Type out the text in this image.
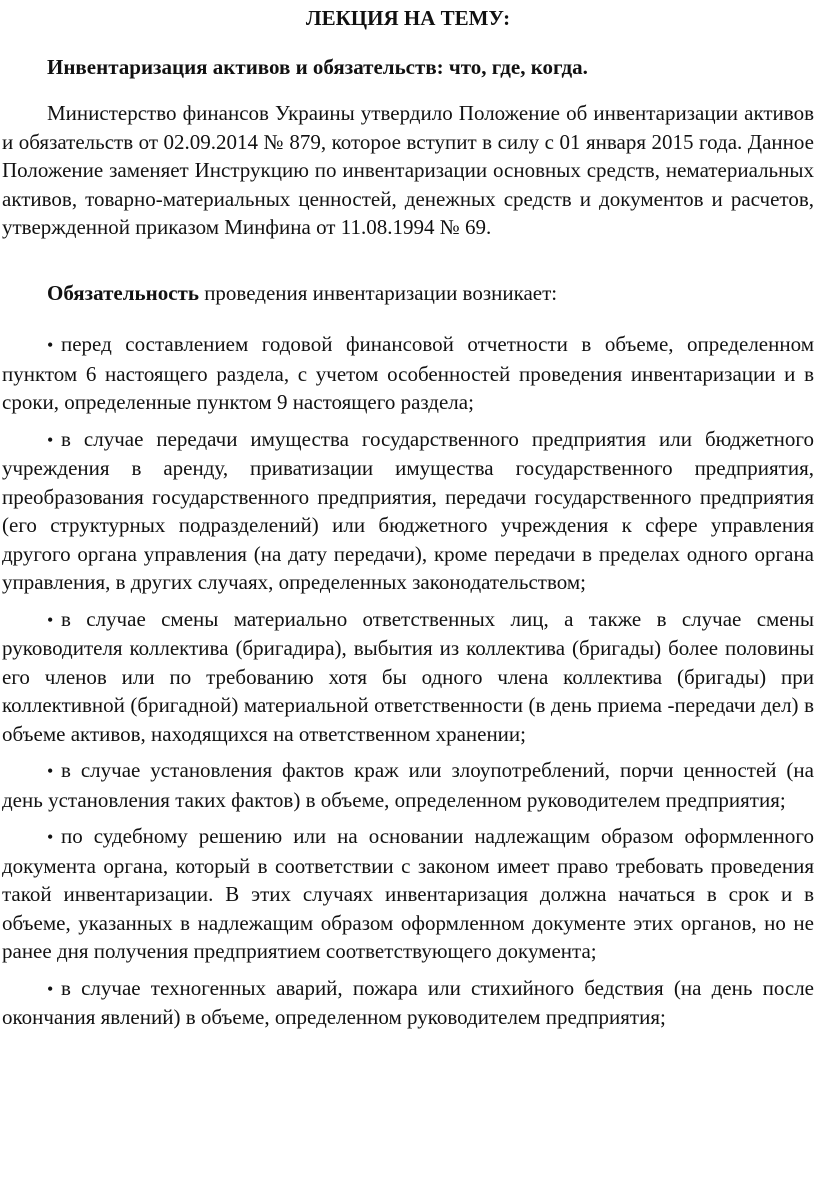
ЛЕКЦИЯ НА ТЕМУ:
Инвентаризация активов и обязательств: что, где, когда.

Министерство финансов Украины утвердило Положение об инвентаризации активов и обязательств от 02.09.2014 № 879, которое вступит в силу с 01 января 2015 года. Данное Положение заменяет Инструкцию по инвентаризации основных средств, нематериальных активов, товарно-материальных ценностей, денежных средств и документов и расчетов, утвержденной приказом Минфина от 11.08.1994 № 69.

Обязательность проведения инвентаризации возникает:

• перед составлением годовой финансовой отчетности в объеме, определенном пунктом 6 настоящего раздела, с учетом особенностей проведения инвентаризации и в сроки, определенные пунктом 9 настоящего раздела;
• в случае передачи имущества государственного предприятия или бюджетного учреждения в аренду, приватизации имущества государственного предприятия, преобразования государственного предприятия, передачи государственного предприятия (его структурных подразделений) или бюджетного учреждения к сфере управления другого органа управления (на дату передачи), кроме передачи в пределах одного органа управления, в других случаях, определенных законодательством;
• в случае смены материально ответственных лиц, а также в случае смены руководителя коллектива (бригадира), выбытия из коллектива (бригады) более половины его членов или по требованию хотя бы одного члена коллектива (бригады) при коллективной (бригадной) материальной ответственности (в день приема -передачи дел) в объеме активов, находящихся на ответственном хранении;
• в случае установления фактов краж или злоупотреблений, порчи ценностей (на день установления таких фактов) в объеме, определенном руководителем предприятия;
• по судебному решению или на основании надлежащим образом оформленного документа органа, который в соответствии с законом имеет право требовать проведения такой инвентаризации. В этих случаях инвентаризация должна начаться в срок и в объеме, указанных в надлежащим образом оформленном документе этих органов, но не ранее дня получения предприятием соответствующего документа;
• в случае техногенных аварий, пожара или стихийного бедствия (на день после окончания явлений) в объеме, определенном руководителем предприятия;
